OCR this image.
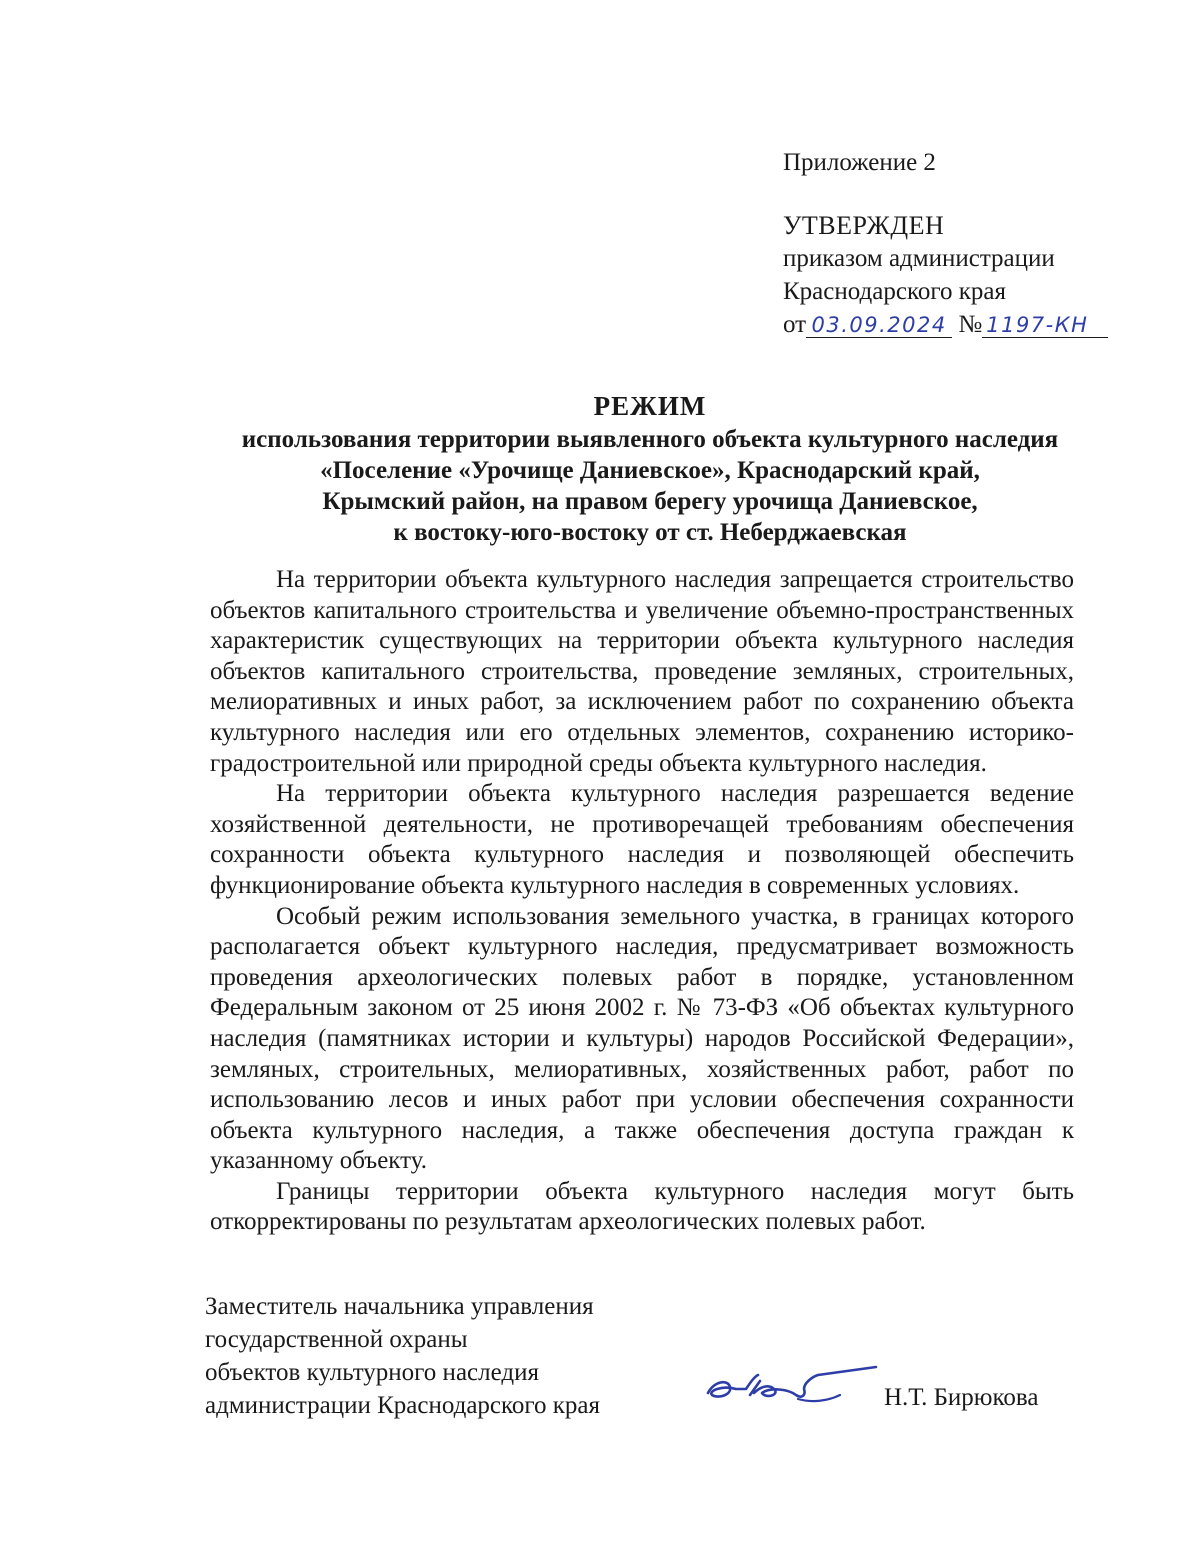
Приложение 2
УТВЕРЖДЕН
приказом администрации
Краснодарского края
от 03.09.2024 № 1197-КН
РЕЖИМ
использования территории выявленного объекта культурного наследия
«Поселение «Урочище Даниевское», Краснодарский край,
Крымский район, на правом берегу урочища Даниевское,
к востоку-юго-востоку от ст. Неберджаевская

На территории объекта культурного наследия запрещается строительство объектов капитального строительства и увеличение объемно-пространственных характеристик существующих на территории объекта культурного наследия объектов капитального строительства, проведение земляных, строительных, мелиоративных и иных работ, за исключением работ по сохранению объекта культурного наследия или его отдельных элементов, сохранению историко-градостроительной или природной среды объекта культурного наследия.

На территории объекта культурного наследия разрешается ведение хозяйственной деятельности, не противоречащей требованиям обеспечения сохранности объекта культурного наследия и позволяющей обеспечить функционирование объекта культурного наследия в современных условиях.

Особый режим использования земельного участка, в границах которого располагается объект культурного наследия, предусматривает возможность проведения археологических полевых работ в порядке, установленном Федеральным законом от 25 июня 2002 г. № 73-ФЗ «Об объектах культурного наследия (памятниках истории и культуры) народов Российской Федерации», земляных, строительных, мелиоративных, хозяйственных работ, работ по использованию лесов и иных работ при условии обеспечения сохранности объекта культурного наследия, а также обеспечения доступа граждан к указанному объекту.

Границы территории объекта культурного наследия могут быть откорректированы по результатам археологических полевых работ.

Заместитель начальника управления
государственной охраны
объектов культурного наследия
администрации Краснодарского края	Н.Т. Бирюкова
